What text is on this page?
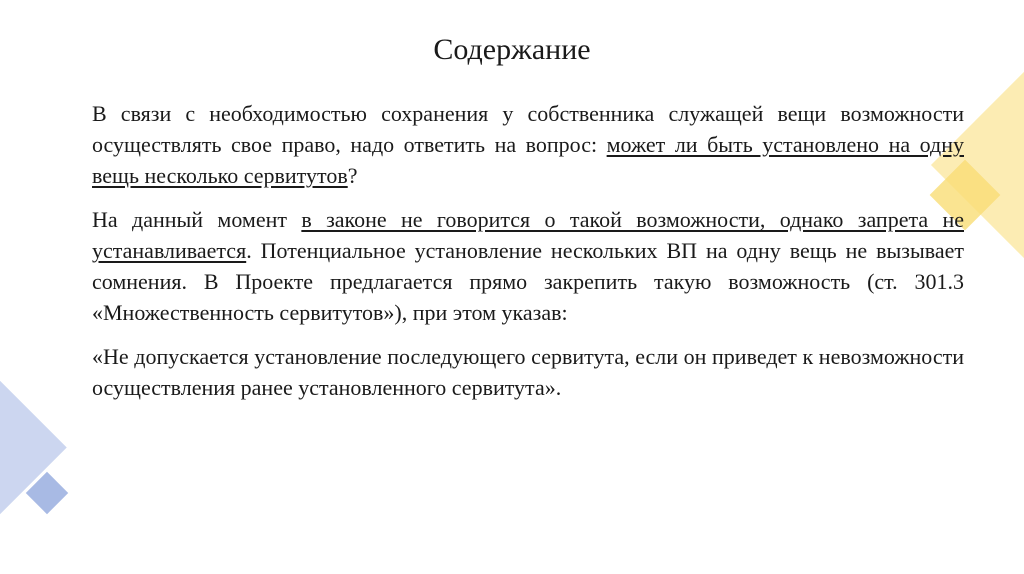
Содержание

В связи с необходимостью сохранения у собственника служащей вещи возможности осуществлять свое право, надо ответить на вопрос: может ли быть установлено на одну вещь несколько сервитутов?

На данный момент в законе не говорится о такой возможности, однако запрета не устанавливается. Потенциальное установление нескольких ВП на одну вещь не вызывает сомнения. В Проекте предлагается прямо закрепить такую возможность (ст. 301.3 «Множественность сервитутов»), при этом указав:

«Не допускается установление последующего сервитута, если он приведет к невозможности осуществления ранее установленного сервитута».
